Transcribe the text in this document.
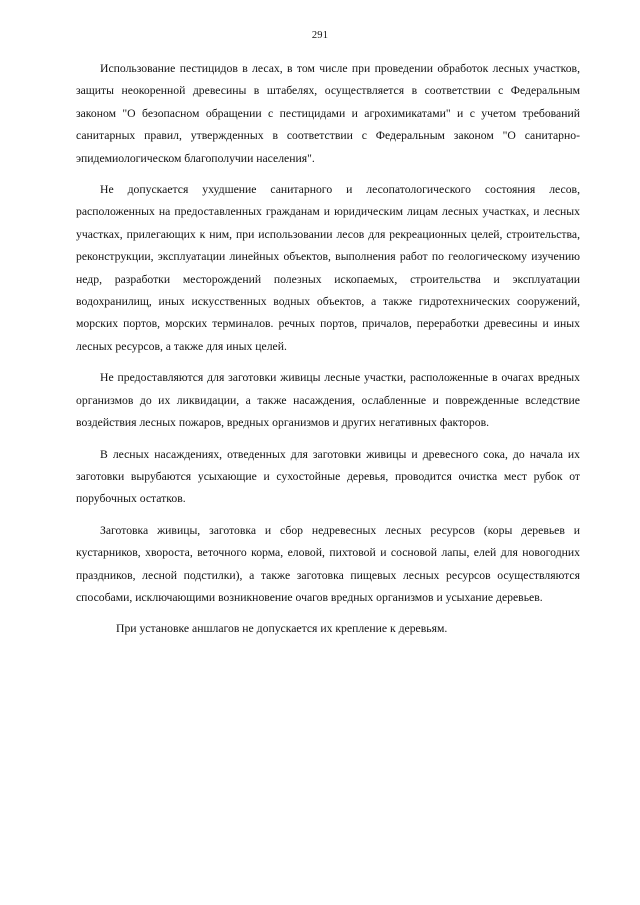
291

Использование пестицидов в лесах, в том числе при проведении обработок лесных участков, защиты неокоренной древесины в штабелях, осуществляется в соответствии с Федеральным законом "О безопасном обращении с пестицидами и агрохимикатами" и с учетом требований санитарных правил, утвержденных в соответствии с Федеральным законом "О санитарно-эпидемиологическом благополучии населения".

Не допускается ухудшение санитарного и лесопатологического состояния лесов, расположенных на предоставленных гражданам и юридическим лицам лесных участках, и лесных участках, прилегающих к ним, при использовании лесов для рекреационных целей, строительства, реконструкции, эксплуатации линейных объектов, выполнения работ по геологическому изучению недр, разработки месторождений полезных ископаемых, строительства и эксплуатации водохранилищ, иных искусственных водных объектов, а также гидротехнических сооружений, морских портов, морских терминалов. речных портов, причалов, переработки древесины и иных лесных ресурсов, а также для иных целей.

Не предоставляются для заготовки живицы лесные участки, расположенные в очагах вредных организмов до их ликвидации, а также насаждения, ослабленные и поврежденные вследствие воздействия лесных пожаров, вредных организмов и других негативных факторов.

В лесных насаждениях, отведенных для заготовки живицы и древесного сока, до начала их заготовки вырубаются усыхающие и сухостойные деревья, проводится очистка мест рубок от порубочных остатков.

Заготовка живицы, заготовка и сбор недревесных лесных ресурсов (коры деревьев и кустарников, хвороста, веточного корма, еловой, пихтовой и сосновой лапы, елей для новогодних праздников, лесной подстилки), а также заготовка пищевых лесных ресурсов осуществляются способами, исключающими возникновение очагов вредных организмов и усыхание деревьев.

При установке аншлагов не допускается их крепление к деревьям.
